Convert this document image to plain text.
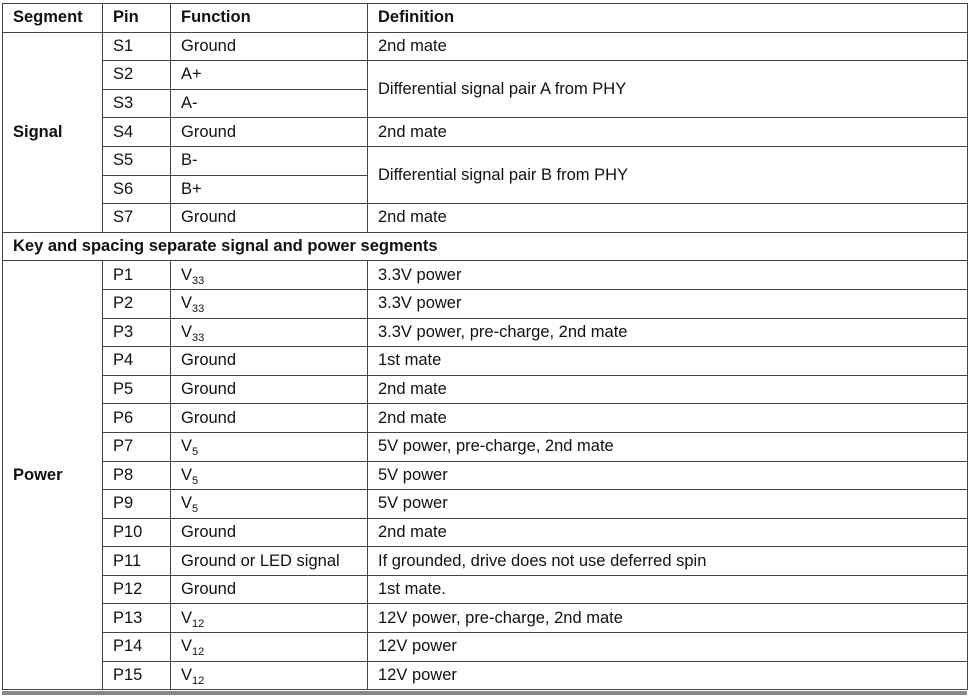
Segment	Pin	Function	Definition
Signal	S1	Ground	2nd mate
	S2	A+	Differential signal pair A from PHY
	S3	A-	
	S4	Ground	2nd mate
	S5	B-	Differential signal pair B from PHY
	S6	B+	
	S7	Ground	2nd mate
Key and spacing separate signal and power segments			
Power	P1	$V_{33}$	3.3V power
	P2	$V_{33}$	3.3V power
	P3	$V_{33}$	3.3V power, pre-charge, 2nd mate
	P4	Ground	1st mate
	P5	Ground	2nd mate
	P6	Ground	2nd mate
	P7	$V_5$	5V power, pre-charge, 2nd mate
	P8	$V_5$	5V power
	P9	$V_5$	5V power
	P10	Ground	2nd mate
	P11	Ground or LED signal	If grounded, drive does not use deferred spin
	P12	Ground	1st mate.
	P13	$V_{12}$	12V power, pre-charge, 2nd mate
	P14	$V_{12}$	12V power
	P15	$V_{12}$	12V power
